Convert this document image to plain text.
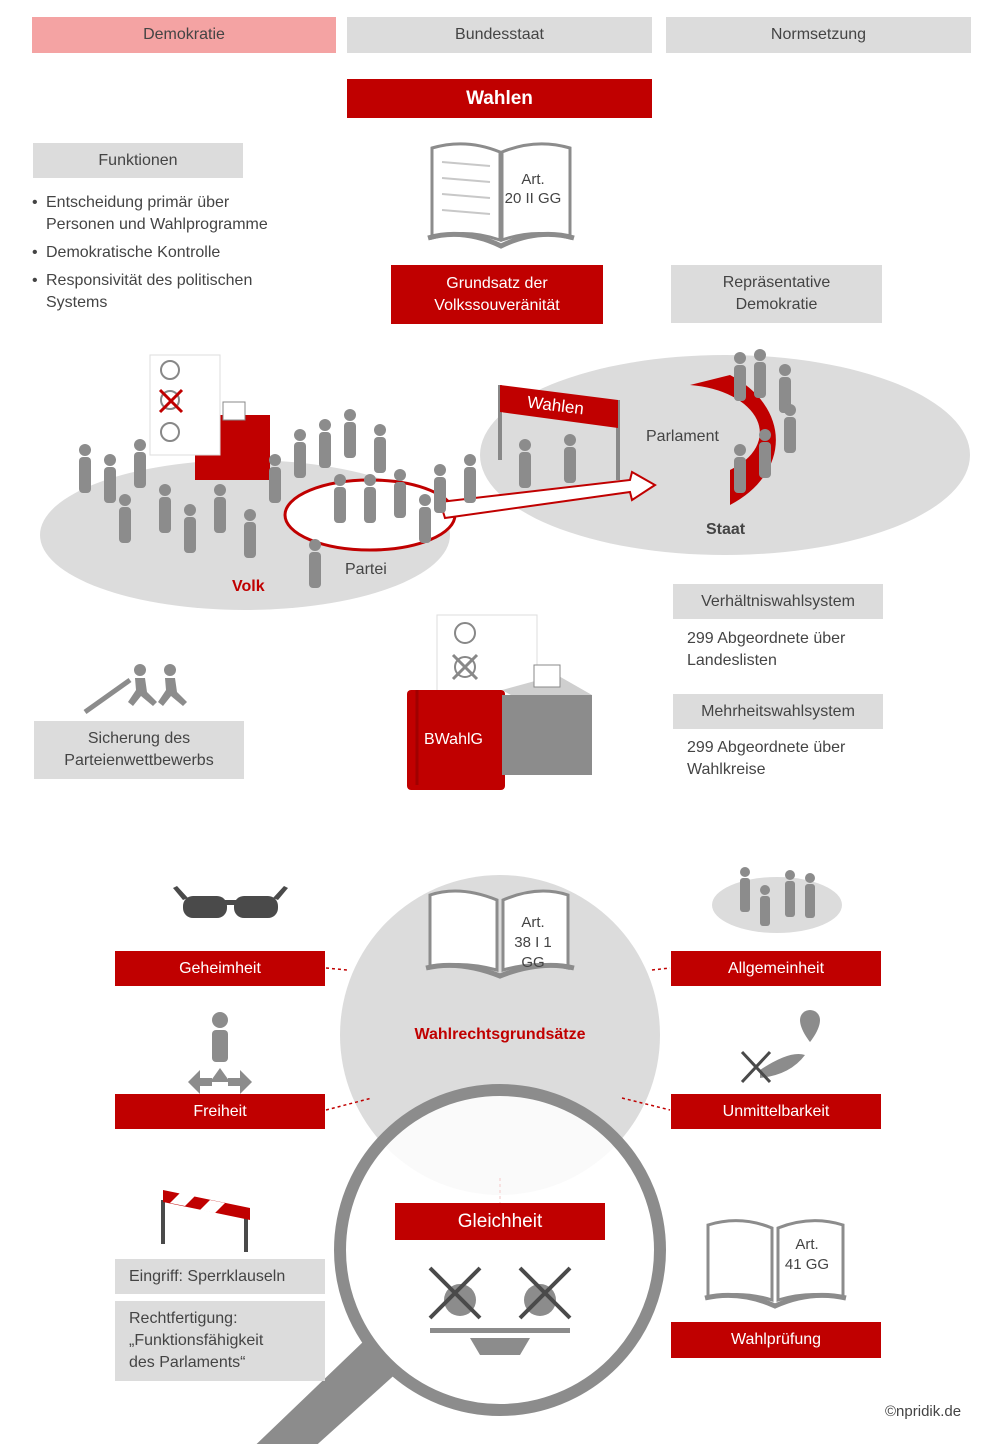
Demokratie	Bundesstaat	Normsetzung
Wahlen
Funktionen
• Entscheidung primär über Personen und Wahlprogramme
• Demokratische Kontrolle
• Responsivität des politischen Systems
Art.
20 II GG
Grundsatz der
Volkssouveränität
Repräsentative
Demokratie
Wahlen
Parlament
Staat
Volk
Partei
Sicherung des
Parteienwettbewerbs
BWahlG
Verhältniswahlsystem
299 Abgeordnete über
Landeslisten
Mehrheitswahlsystem
299 Abgeordnete über
Wahlkreise
Art.
38 I 1
GG
Wahlrechtsgrundsätze
Geheimheit	Allgemeinheit
Freiheit	Unmittelbarkeit
Gleichheit
Eingriff: Sperrklauseln
Rechtfertigung:
„Funktionsfähigkeit
des Parlaments“
Art.
41 GG
Wahlprüfung
©npridik.de
